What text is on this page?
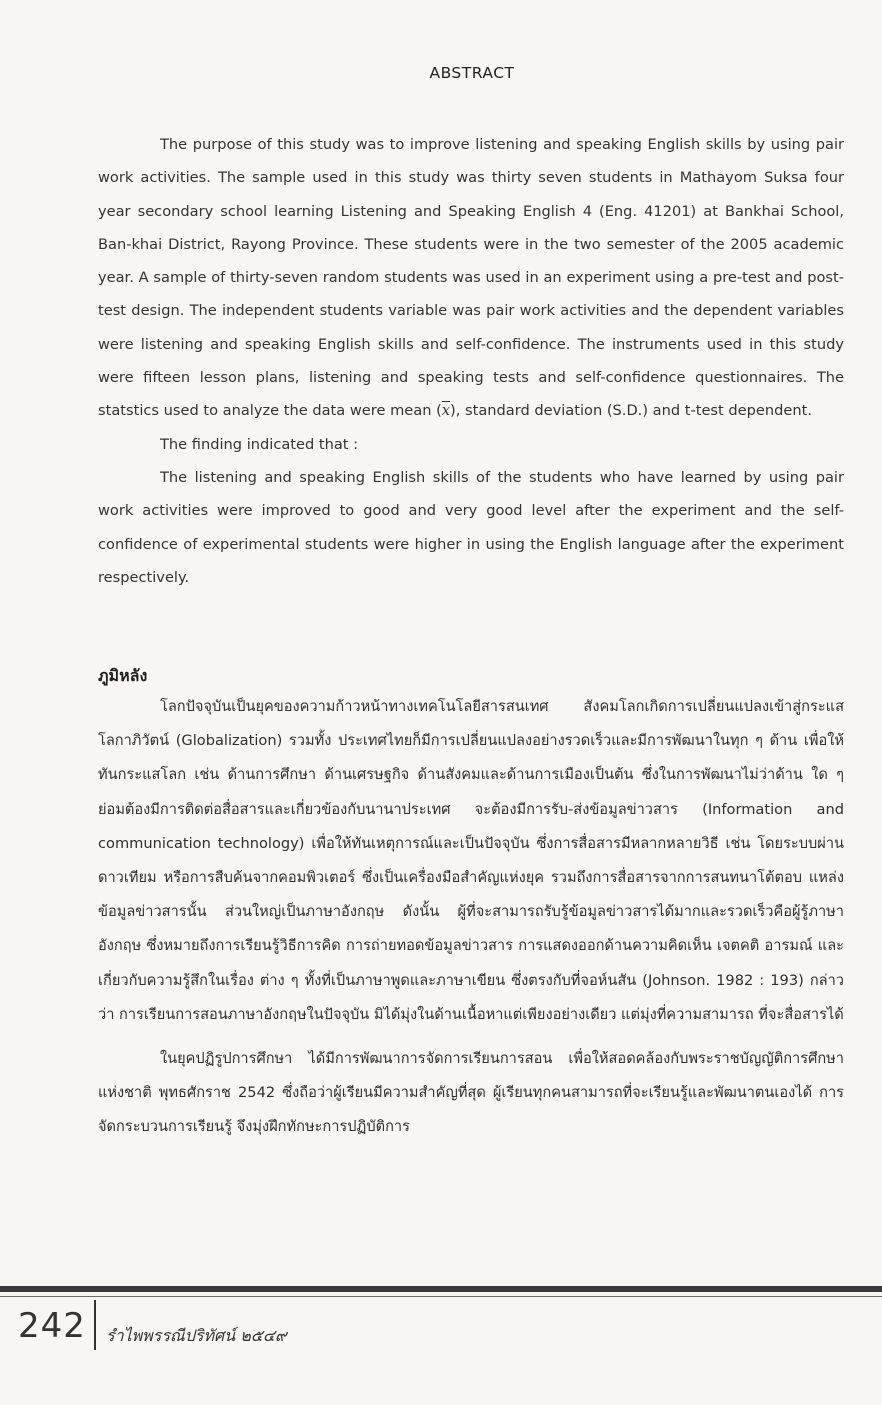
ABSTRACT

The purpose of this study was to improve listening and speaking English skills by using pair work activities. The sample used in this study was thirty seven students in Mathayom Suksa four year secondary school learning Listening and Speaking English 4 (Eng. 41201) at Bankhai School, Ban-khai District, Rayong Province. These students were in the two semester of the 2005 academic year. A sample of thirty-seven random students was used in an experiment using a pre-test and post-test design. The independent students variable was pair work activities and the dependent variables were listening and speaking English skills and self-confidence. The instruments used in this study were fifteen lesson plans, listening and speaking tests and self-confidence questionnaires. The statstics used to analyze the data were mean $(\overline{x})$, standard deviation (S.D.) and t-test dependent.

The finding indicated that :

The listening and speaking English skills of the students who have learned by using pair work activities were improved to good and very good level after the experiment and the self-confidence of experimental students were higher in using the English language after the experiment respectively.

ภูมิหลัง

โลกปัจจุบันเป็นยุคของความก้าวหน้าทางเทคโนโลยีสารสนเทศ สังคมโลกเกิดการเปลี่ยนแปลงเข้าสู่กระแสโลกาภิวัตน์ (Globalization) รวมทั้ง ประเทศไทยก็มีการเปลี่ยนแปลงอย่างรวดเร็วและมีการพัฒนาในทุก ๆ ด้าน เพื่อให้ทันกระแสโลก เช่น ด้านการศึกษา ด้านเศรษฐกิจ ด้านสังคมและด้านการเมืองเป็นต้น ซึ่งในการพัฒนาไม่ว่าด้าน ใด ๆ ย่อมต้องมีการติดต่อสื่อสารและเกี่ยวข้องกับนานาประเทศ จะต้องมีการรับ-ส่งข้อมูลข่าวสาร (Information and communication technology) เพื่อให้ทันเหตุการณ์และเป็นปัจจุบัน ซึ่งการสื่อสารมีหลากหลายวิธี เช่น โดยระบบผ่านดาวเทียม หรือการสืบค้นจากคอมพิวเตอร์ ซึ่งเป็นเครื่องมือสำคัญแห่งยุค รวมถึงการสื่อสารจากการสนทนาโต้ตอบ แหล่งข้อมูลข่าวสารนั้น ส่วนใหญ่เป็นภาษาอังกฤษ ดังนั้น ผู้ที่จะสามารถรับรู้ข้อมูลข่าวสารได้มากและรวดเร็วคือผู้รู้ภาษาอังกฤษ ซึ่งหมายถึงการเรียนรู้วิธีการคิด การถ่ายทอดข้อมูลข่าวสาร การแสดงออกด้านความคิดเห็น เจตคติ อารมณ์ และเกี่ยวกับความรู้สึกในเรื่อง ต่าง ๆ ทั้งที่เป็นภาษาพูดและภาษาเขียน ซึ่งตรงกับที่จอห์นสัน (Johnson. 1982 : 193) กล่าวว่า การเรียนการสอนภาษาอังกฤษในปัจจุบัน มิได้มุ่งในด้านเนื้อหาแต่เพียงอย่างเดียว แต่มุ่งที่ความสามารถ ที่จะสื่อสารได้

ในยุคปฏิรูปการศึกษา ได้มีการพัฒนาการจัดการเรียนการสอน เพื่อให้สอดคล้องกับพระราชบัญญัติการศึกษาแห่งชาติ พุทธศักราช 2542 ซึ่งถือว่าผู้เรียนมีความสำคัญที่สุด ผู้เรียนทุกคนสามารถที่จะเรียนรู้และพัฒนาตนเองได้ การจัดกระบวนการเรียนรู้ จึงมุ่งฝึกทักษะการปฏิบัติการ

242 รำไพพรรณีปริทัศน์ ๒๕๔๙
